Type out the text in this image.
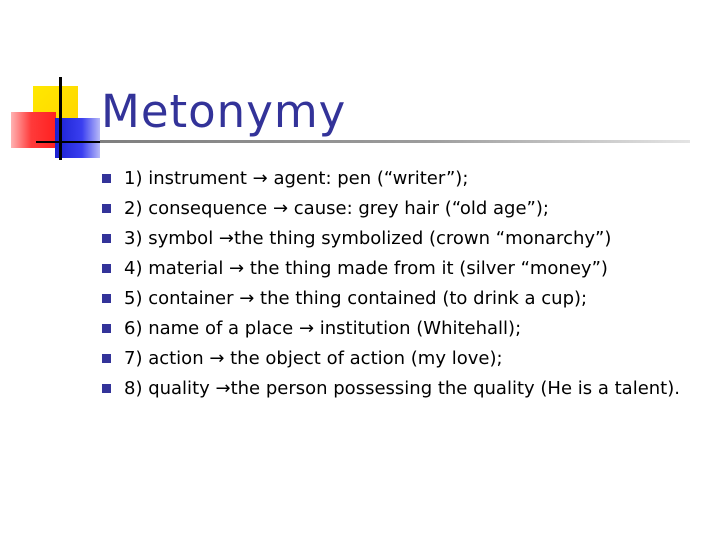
Metonymy
1) instrument → agent: pen (“writer”);
2) consequence → cause: grey hair (“old age”);
3) symbol →the thing symbolized (crown “monarchy”)
4) material → the thing made from it (silver “money”)
5) container → the thing contained (to drink a cup);
6) name of a place → institution (Whitehall);
7) action → the object of action (my love);
8) quality →the person possessing the quality (He is a talent).
